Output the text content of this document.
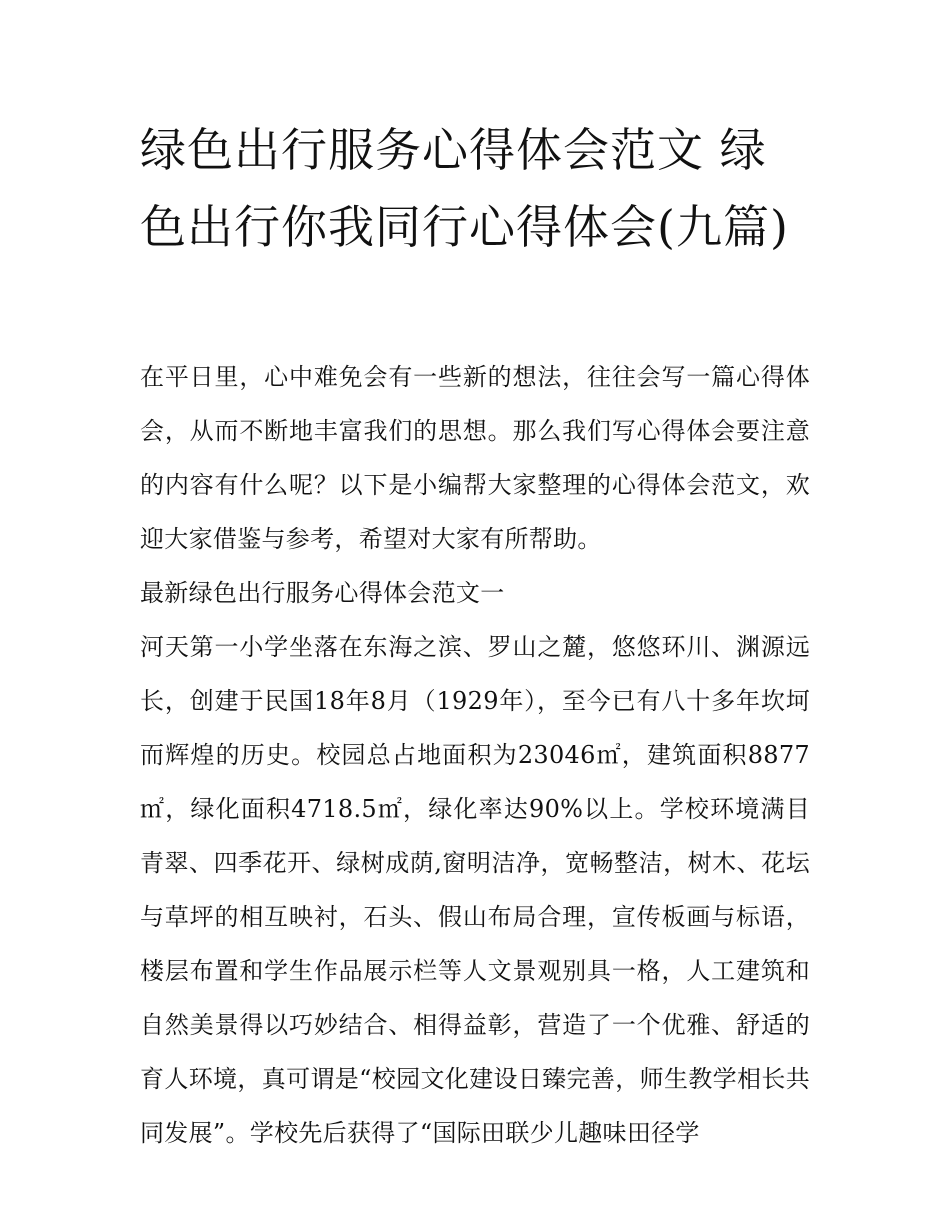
绿色出行服务心得体会范文 绿色出行你我同行心得体会(九篇)

在平日里，心中难免会有一些新的想法，往往会写一篇心得体会，从而不断地丰富我们的思想。那么我们写心得体会要注意的内容有什么呢？以下是小编帮大家整理的心得体会范文，欢迎大家借鉴与参考，希望对大家有所帮助。

最新绿色出行服务心得体会范文一

河天第一小学坐落在东海之滨、罗山之麓，悠悠环川、渊源远长，创建于民国18年8月（1929年），至今已有八十多年坎坷而辉煌的历史。校园总占地面积为23046㎡，建筑面积8877㎡，绿化面积4718.5㎡，绿化率达90%以上。学校环境满目青翠、四季花开、绿树成荫,窗明洁净，宽畅整洁，树木、花坛与草坪的相互映衬，石头、假山布局合理，宣传板画与标语，楼层布置和学生作品展示栏等人文景观别具一格，人工建筑和自然美景得以巧妙结合、相得益彰，营造了一个优雅、舒适的育人环境，真可谓是“校园文化建设日臻完善，师生教学相长共同发展”。学校先后获得了“国际田联少儿趣味田径学
